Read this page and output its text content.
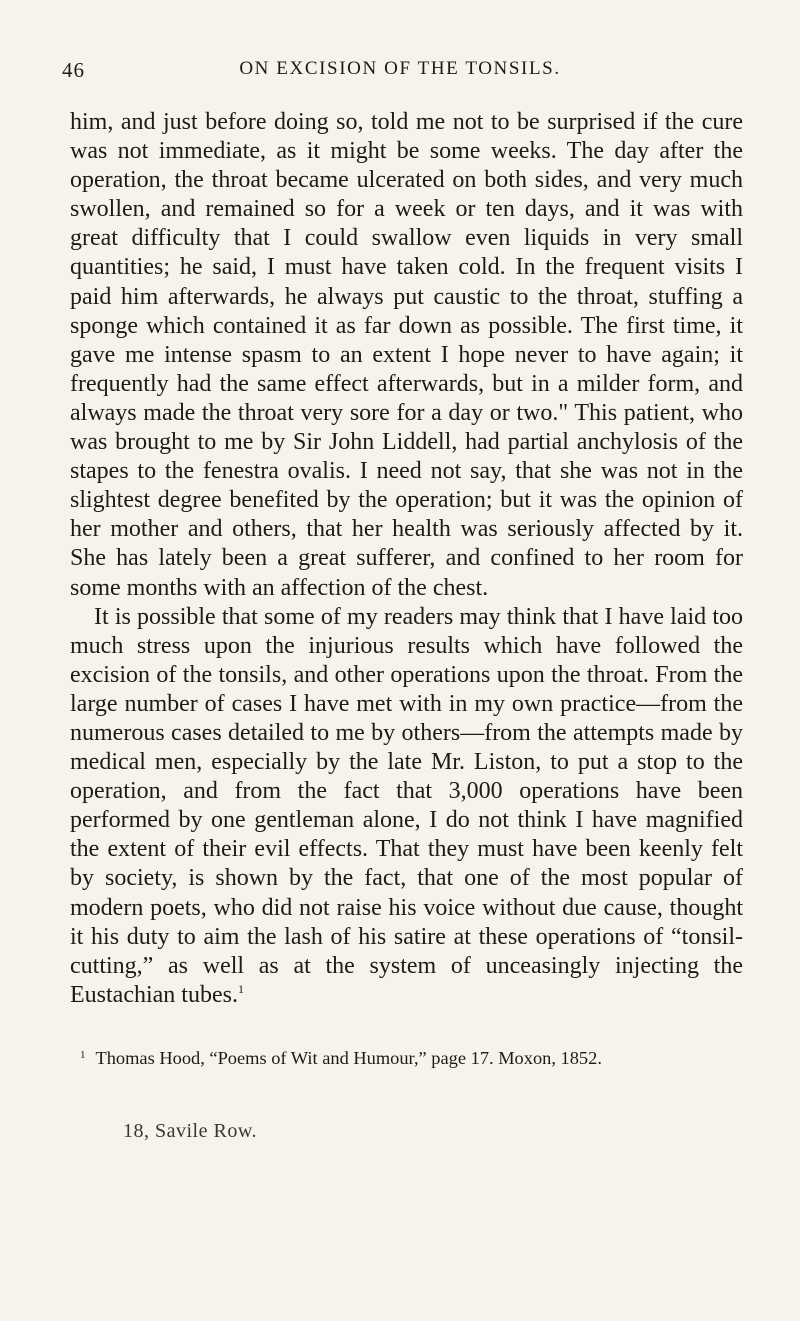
46	ON EXCISION OF THE TONSILS.

him, and just before doing so, told me not to be surprised if the cure was not immediate, as it might be some weeks. The day after the operation, the throat became ulcerated on both sides, and very much swollen, and remained so for a week or ten days, and it was with great difficulty that I could swallow even liquids in very small quantities; he said, I must have taken cold. In the frequent visits I paid him afterwards, he always put caustic to the throat, stuffing a sponge which contained it as far down as possible. The first time, it gave me intense spasm to an extent I hope never to have again; it frequently had the same effect afterwards, but in a milder form, and always made the throat very sore for a day or two." This patient, who was brought to me by Sir John Liddell, had partial anchylosis of the stapes to the fenestra ovalis. I need not say, that she was not in the slightest degree benefited by the operation; but it was the opinion of her mother and others, that her health was seriously affected by it. She has lately been a great sufferer, and confined to her room for some months with an affection of the chest.

It is possible that some of my readers may think that I have laid too much stress upon the injurious results which have followed the excision of the tonsils, and other operations upon the throat. From the large number of cases I have met with in my own practice—from the numerous cases detailed to me by others—from the attempts made by medical men, especially by the late Mr. Liston, to put a stop to the operation, and from the fact that 3,000 operations have been performed by one gentleman alone, I do not think I have magnified the extent of their evil effects. That they must have been keenly felt by society, is shown by the fact, that one of the most popular of modern poets, who did not raise his voice without due cause, thought it his duty to aim the lash of his satire at these operations of “tonsil-cutting,” as well as at the system of unceasingly injecting the Eustachian tubes.$^1$

$^1$ Thomas Hood, “Poems of Wit and Humour,” page 17. Moxon, 1852.
18, Savile Row.
